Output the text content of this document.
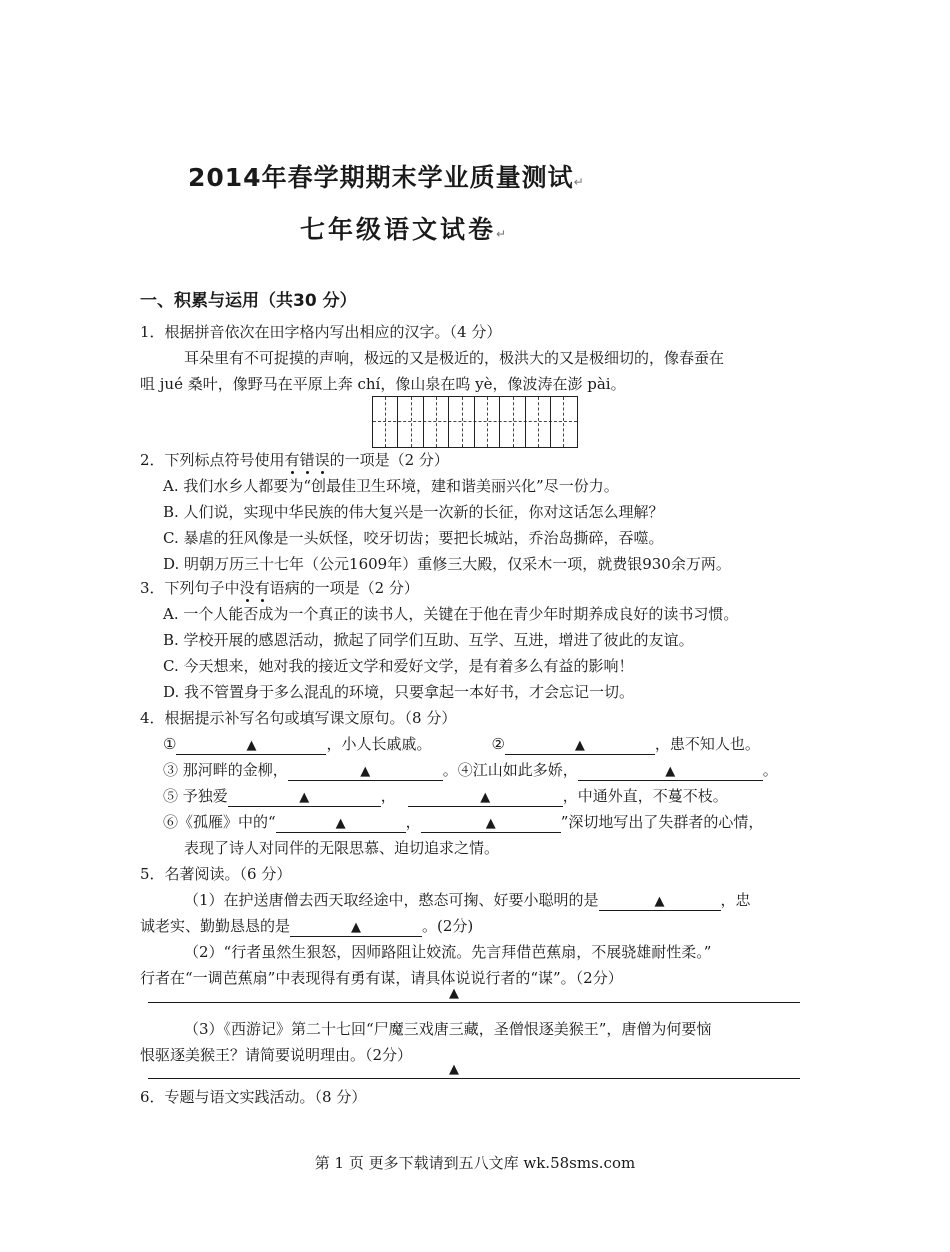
2014年春学期期末学业质量测试↵
七年级语文试卷↵
一、积累与运用（共30 分）
1．根据拼音依次在田字格内写出相应的汉字。（4 分）
耳朵里有不可捉摸的声响，极远的又是极近的，极洪大的又是极细切的，像春蚕在
咀 jué 桑叶，像野马在平原上奔 chí，像山泉在呜 yè，像波涛在澎 pài。
2．下列标点符号使用有错误的一项是（2 分）
A. 我们水乡人都要为“创最佳卫生环境，建和谐美丽兴化”尽一份力。
B. 人们说，实现中华民族的伟大复兴是一次新的长征，你对这话怎么理解？
C. 暴虐的狂风像是一头妖怪，咬牙切齿；要把长城站，乔治岛撕碎，吞噬。
D. 明朝万历三十七年（公元1609年）重修三大殿，仅采木一项，就费银930余万两。
3．下列句子中没有语病的一项是（2 分）
A. 一个人能否成为一个真正的读书人，关键在于他在青少年时期养成良好的读书习惯。
B. 学校开展的感恩活动，掀起了同学们互助、互学、互进，增进了彼此的友谊。
C. 今天想来，她对我的接近文学和爱好文学，是有着多么有益的影响！
D. 我不管置身于多么混乱的环境，只要拿起一本好书，才会忘记一切。
4．根据提示补写名句或填写课文原句。（8 分）
①	▲	，小人长戚戚。	②	▲	，患不知人也。
③ 那河畔的金柳，	▲	。④江山如此多娇，	▲	。
⑤ 予独爱	▲	，	▲	，中通外直，不蔓不枝。
⑥《孤雁》中的“	▲	，	▲	”深切地写出了失群者的心情，
表现了诗人对同伴的无限思慕、迫切追求之情。
5．名著阅读。（6 分）
（1）在护送唐僧去西天取经途中，憨态可掬、好要小聪明的是	▲	，忠
诚老实、勤勤恳恳的是	▲	。(2分)
（2）“行者虽然生狠怒，因师路阻让姣流。先言拜借芭蕉扇，不展骁雄耐性柔。”
行者在“一调芭蕉扇”中表现得有勇有谋，请具体说说行者的“谋”。（2分）
▲
（3）《西游记》第二十七回“尸魔三戏唐三藏，圣僧恨逐美猴王”，唐僧为何要恼
恨驱逐美猴王？请简要说明理由。（2分）
▲
6．专题与语文实践活动。（8 分）
第 1 页 更多下载请到五八文库 wk.58sms.com
